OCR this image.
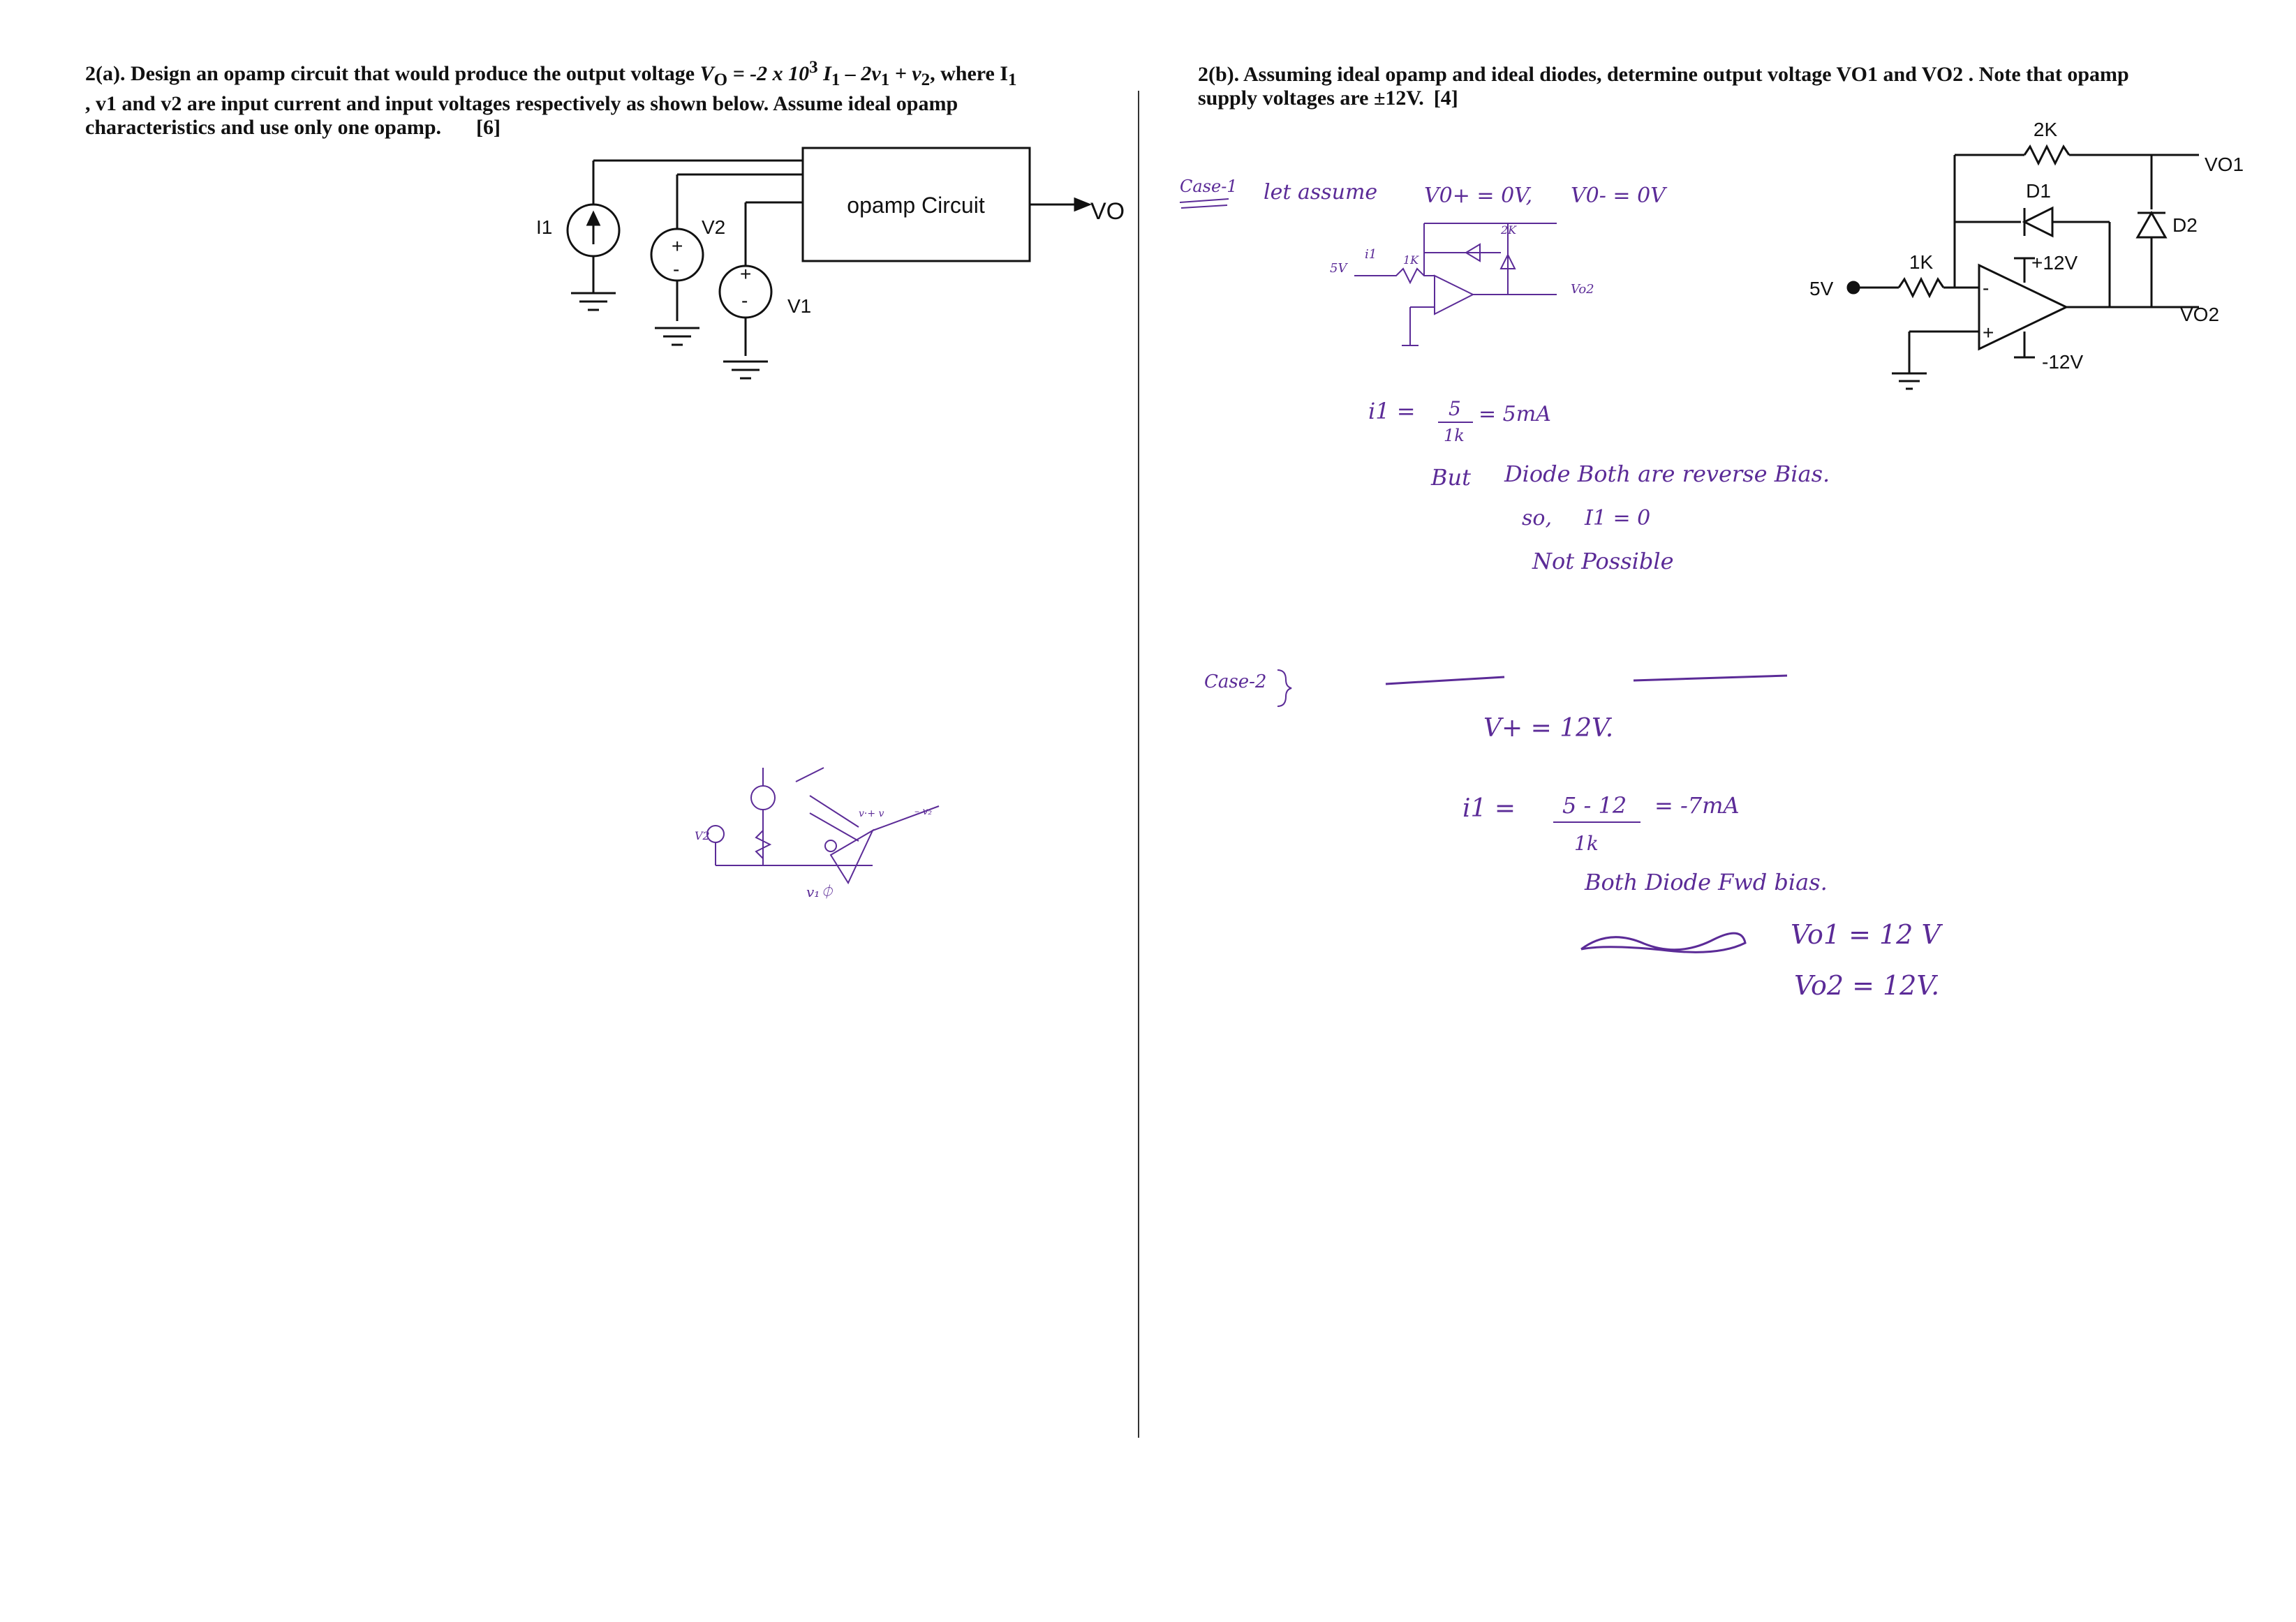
2(a). Design an opamp circuit that would produce the output voltage $V_O = -2$ x $10^3$ $I_1 - 2v_1 + v_2$, where $I_1$
, v1 and v2 are input current and input voltages respectively as shown below. Assume ideal opamp
characteristics and use only one opamp. [6]
2(b). Assuming ideal opamp and ideal diodes, determine output voltage VO1 and VO2 . Note that opamp
supply voltages are ±12V. [4]
opamp Circuit
I1	V2
V1
VO
+
-	+
-
2K
1K
5V
D1
D2
VO1
VO2
+12V
-12V
-
+
Case-1 let assume V0+ = 0V, V0- = 0V
5V
i1 1K
2K
Vo2
i1 = 5
1k
= 5mA
But Diode Both are reverse Bias.
so, I1 = 0
Not Possible
Case-2
V+ = 12V.
i1 = 5 - 12
1k
= -7mA
Both Diode Fwd bias.
Vo1 = 12 V
Vo2 = 12V.
V2
v₁⏀
v·+ v	– v₂
